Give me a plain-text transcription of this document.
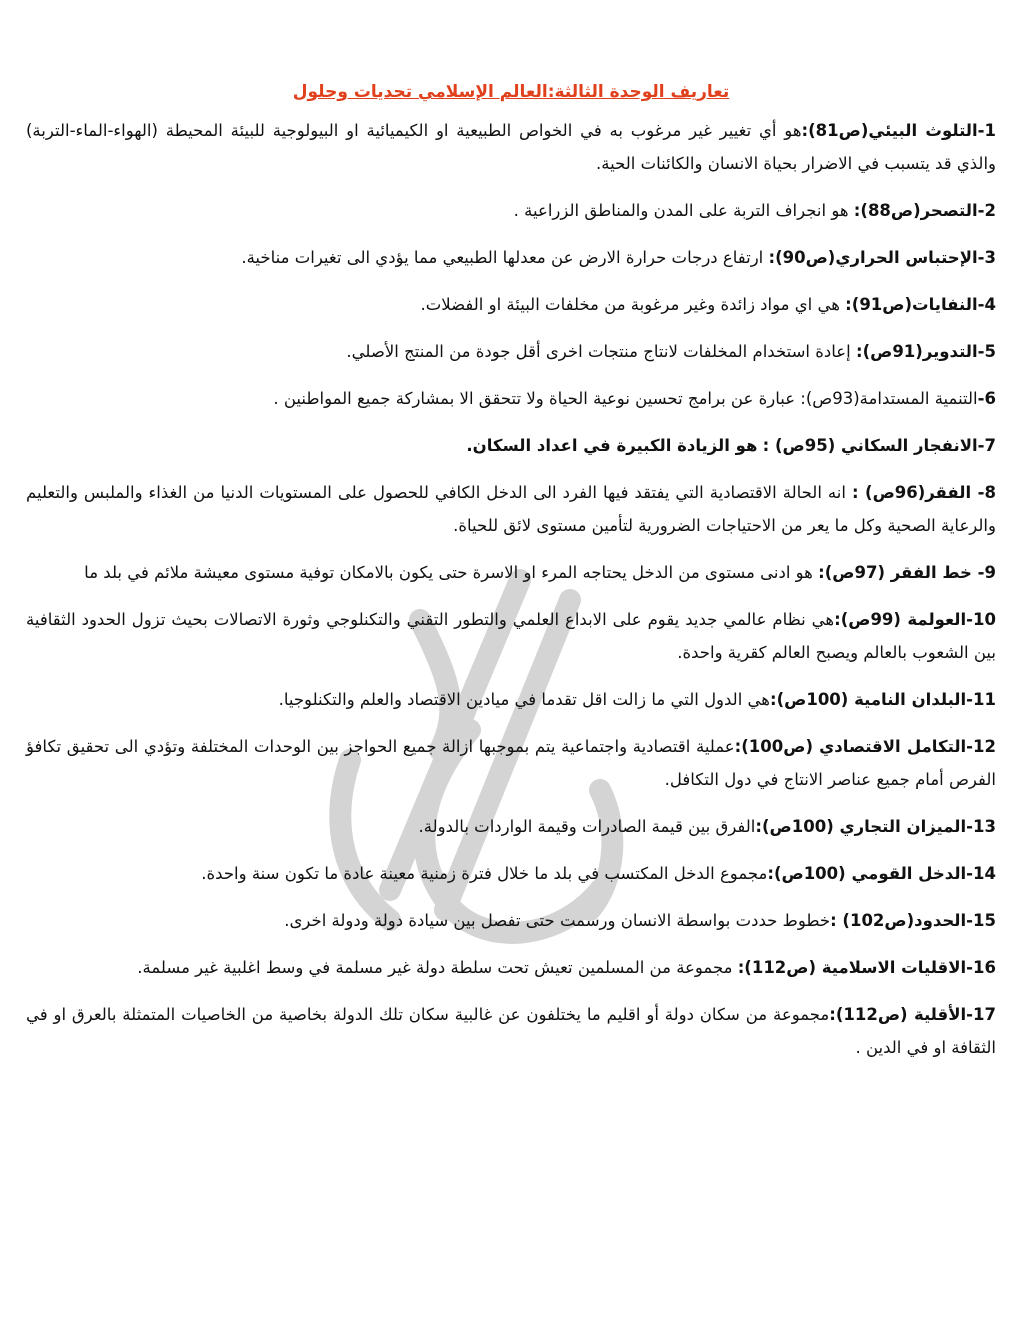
تعاريف الوحدة الثالثة:العالم الإسلامي تحديات وحلول

1-التلوث البيئي(ص81):هو أي تغيير غير مرغوب به في الخواص الطبيعية او الكيميائية او البيولوجية للبيئة المحيطة (الهواء-الماء-التربة) والذي قد يتسبب في الاضرار بحياة الانسان والكائنات الحية.

2-التصحر(ص88): هو انجراف التربة على المدن والمناطق الزراعية .

3-الإحتباس الحراري(ص90): ارتفاع درجات حرارة الارض عن معدلها الطبيعي مما يؤدي الى تغيرات مناخية.

4-النفايات(ص91): هي اي مواد زائدة وغير مرغوبة من مخلفات البيئة او الفضلات.

5-التدوير(91ص): إعادة استخدام المخلفات لانتاج منتجات اخرى أقل جودة من المنتج الأصلي.

6-التنمية المستدامة(93ص): عبارة عن برامج تحسين نوعية الحياة ولا تتحقق الا بمشاركة جميع المواطنين .

7-الانفجار السكاني (95ص) : هو الزيادة الكبيرة في اعداد السكان.

8- الفقر(96ص) : انه الحالة الاقتصادية التي يفتقد فيها الفرد الى الدخل الكافي للحصول على المستويات الدنيا من الغذاء والملبس والتعليم والرعاية الصحية وكل ما يعر من الاحتياجات الضرورية لتأمين مستوى لائق للحياة.

9- خط الفقر (97ص): هو ادنى مستوى من الدخل يحتاجه المرء او الاسرة حتى يكون بالامكان توفية مستوى معيشة ملائم في بلد ما

10-العولمة (99ص):هي نظام عالمي جديد يقوم على الابداع العلمي والتطور التقني والتكنلوجي وثورة الاتصالات بحيث تزول الحدود الثقافية بين الشعوب بالعالم ويصبح العالم كقرية واحدة.

11-البلدان النامية (100ص):هي الدول التي ما زالت اقل تقدما في ميادين الاقتصاد والعلم والتكنلوجيا.

12-التكامل الاقتصادي (ص100):عملية اقتصادية واجتماعية يتم بموجبها ازالة جميع الحواجز بين الوحدات المختلفة وتؤدي الى تحقيق تكافؤ الفرص أمام جميع عناصر الانتاج في دول التكافل.

13-الميزان التجاري (100ص):الفرق بين قيمة الصادرات وقيمة الواردات بالدولة.

14-الدخل القومي (100ص):مجموع الدخل المكتسب في بلد ما خلال فترة زمنية معينة عادة ما تكون سنة واحدة.

15-الحدود(ص102) :خطوط حددت بواسطة الانسان ورسمت حتى تفصل بين سيادة دولة ودولة اخرى.

16-الاقليات الاسلامية (ص112): مجموعة من المسلمين تعيش تحت سلطة دولة غير مسلمة في وسط اغلبية غير مسلمة.

17-الأقلية (ص112):مجموعة من سكان دولة أو اقليم ما يختلفون عن غالبية سكان تلك الدولة بخاصية من الخاصيات المتمثلة بالعرق او في الثقافة او في الدين .
